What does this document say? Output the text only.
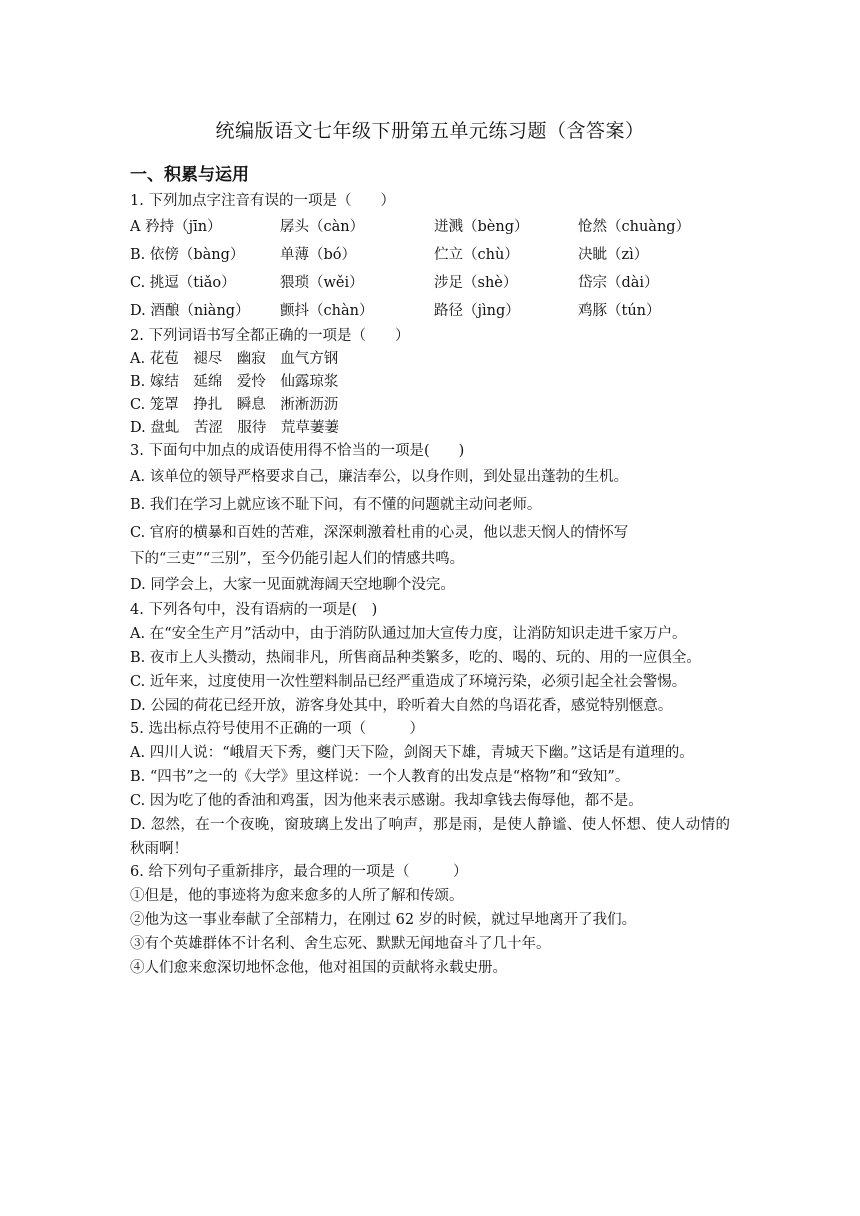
统编版语文七年级下册第五单元练习题（含答案）
一、积累与运用
1. 下列加点字注音有误的一项是（　　）
A 矜持（jīn）	孱头（càn）	迸溅（bèng）	怆然（chuàng）
B. 依傍（bàng）	单薄（bó）	伫立（chù）	决眦（zì）
C. 挑逗（tiǎo）	猥琐（wěi）	涉足（shè）	岱宗（dài）
D. 酒酿（niàng）	颤抖（chàn）	路径（jìng）	鸡豚（tún）
2. 下列词语书写全都正确的一项是（　　）
A. 花苞　褪尽　幽寂　血气方钢
B. 嫁结　延绵　爱怜　仙露琼浆
C. 笼罩　挣扎　瞬息　淅淅沥沥
D. 盘虬　苦涩　服待　荒草萋萋
3. 下面句中加点的成语使用得不恰当的一项是(　　)
A. 该单位的领导严格要求自己，廉洁奉公，以身作则，到处显出蓬勃的生机。
B. 我们在学习上就应该不耻下问，有不懂的问题就主动问老师。
C. 官府的横暴和百姓的苦难，深深刺激着杜甫的心灵，他以悲天悯人的情怀写
下的“三吏”“三别”，至今仍能引起人们的情感共鸣。
D. 同学会上，大家一见面就海阔天空地聊个没完。
4. 下列各句中，没有语病的一项是(　)
A. 在“安全生产月”活动中，由于消防队通过加大宣传力度，让消防知识走进千家万户。
B. 夜市上人头攒动，热闹非凡，所售商品种类繁多，吃的、喝的、玩的、用的一应俱全。
C. 近年来，过度使用一次性塑料制品已经严重造成了环境污染，必须引起全社会警惕。
D. 公园的荷花已经开放，游客身处其中，聆听着大自然的鸟语花香，感觉特别惬意。
5. 选出标点符号使用不正确的一项（　　　）
A. 四川人说：“峨眉天下秀，夔门天下险，剑阁天下雄，青城天下幽。”这话是有道理的。
B. “四书”之一的《大学》里这样说：一个人教育的出发点是“格物”和“致知”。
C. 因为吃了他的香油和鸡蛋，因为他来表示感谢。我却拿钱去侮辱他，都不是。
D. 忽然，在一个夜晚，窗玻璃上发出了响声，那是雨，是使人静谧、使人怀想、使人动情的秋雨啊！
6. 给下列句子重新排序，最合理的一项是（　　　）
①但是，他的事迹将为愈来愈多的人所了解和传颂。
②他为这一事业奉献了全部精力，在刚过 62 岁的时候，就过早地离开了我们。
③有个英雄群体不计名利、舍生忘死、默默无闻地奋斗了几十年。
④人们愈来愈深切地怀念他，他对祖国的贡献将永载史册。
